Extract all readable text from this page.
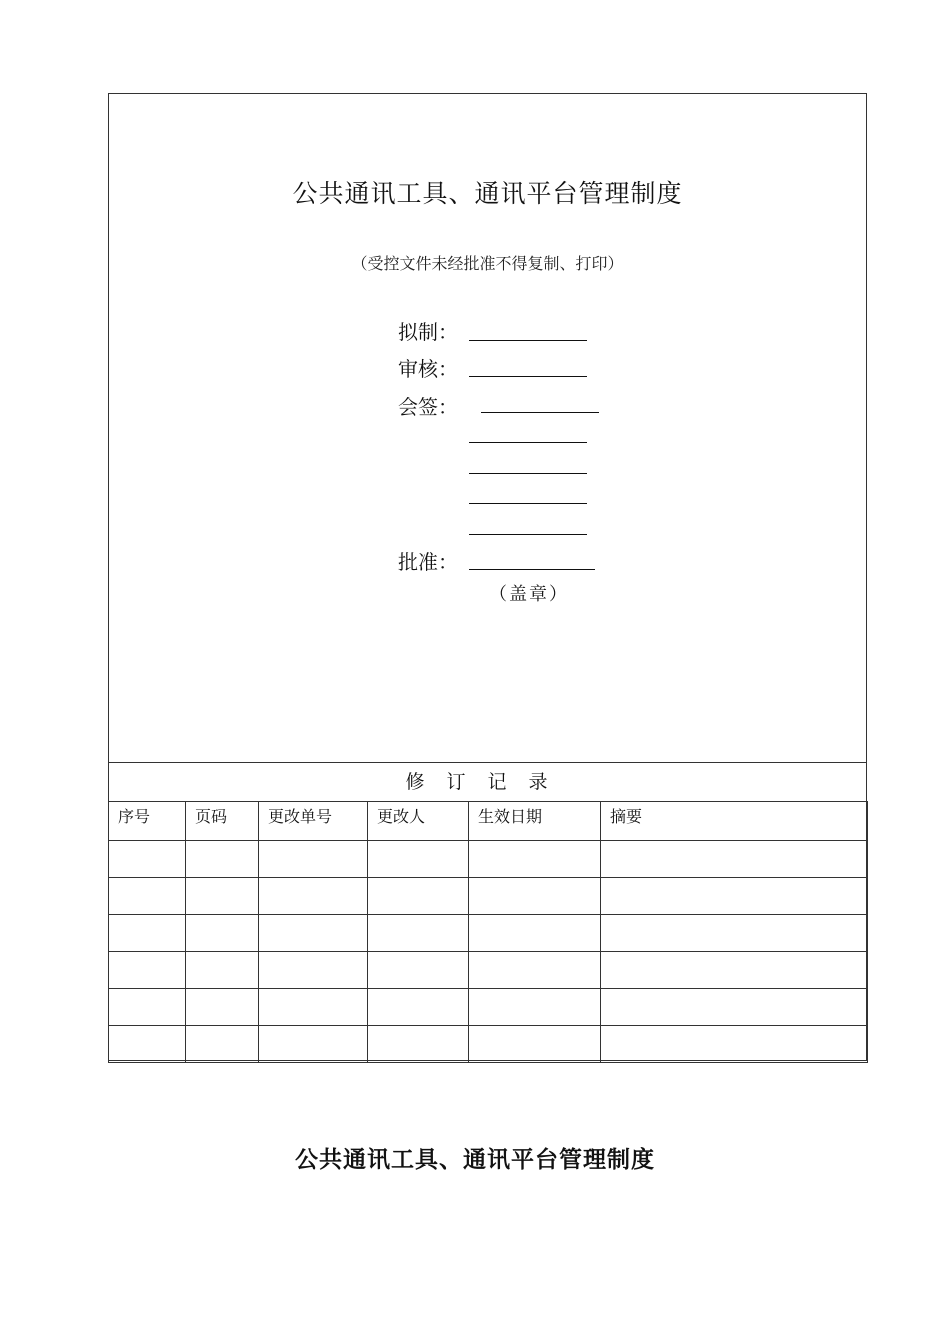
公共通讯工具、通讯平台管理制度
（受控文件未经批准不得复制、打印）
拟制：
审核：
会签：
批准：
（盖章）
修订记录
序号	页码	更改单号	更改人	生效日期	摘要

公共通讯工具、通讯平台管理制度
